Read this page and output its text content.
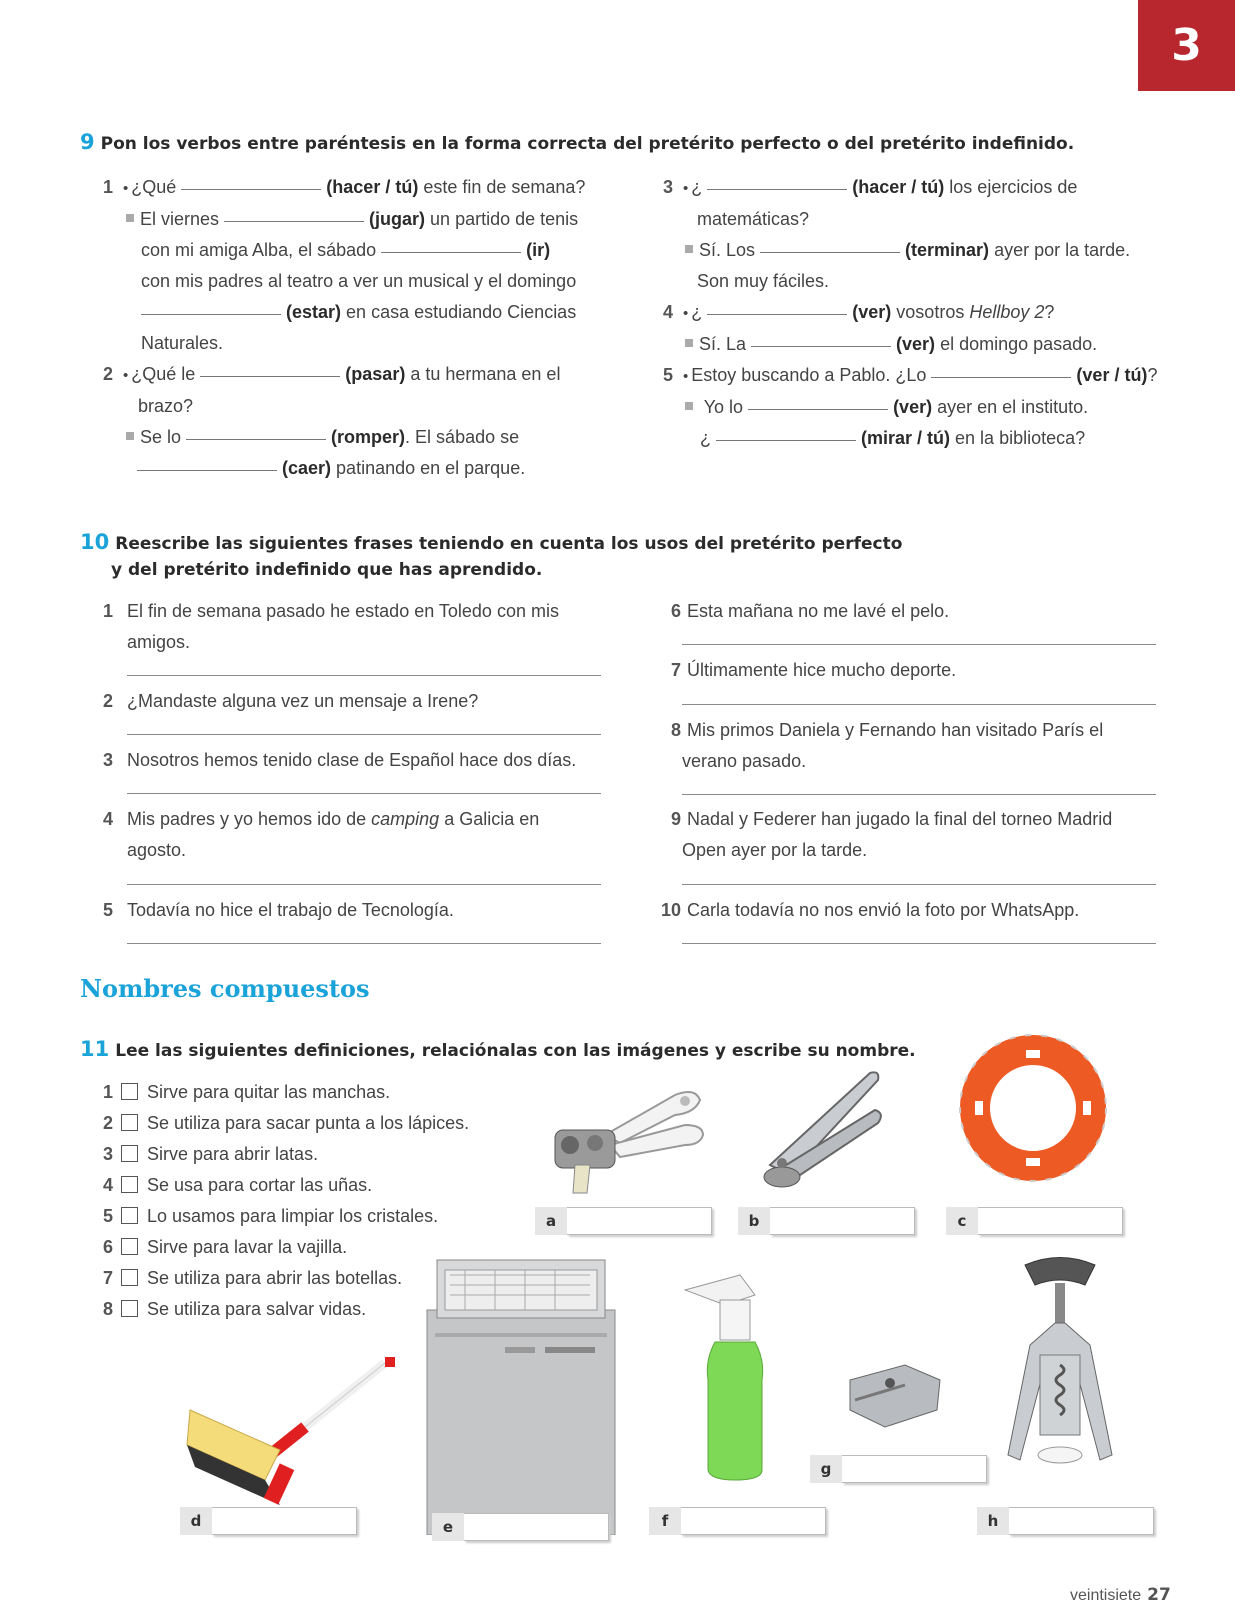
3
9 Pon los verbos entre paréntesis en la forma correcta del pretérito perfecto o del pretérito indefinido.
1 • ¿Qué	(hacer / tú) este fin de semana?
El viernes	(jugar) un partido de tenis
con mi amiga Alba, el sábado	(ir)
con mis padres al teatro a ver un musical y el domingo
(estar) en casa estudiando Ciencias
Naturales.
2 • ¿Qué le	(pasar) a tu hermana en el
brazo?
Se lo	(romper). El sábado se
(caer) patinando en el parque.
3 • ¿	(hacer / tú) los ejercicios de
matemáticas?
Sí. Los	(terminar) ayer por la tarde.
Son muy fáciles.
4 • ¿	(ver) vosotros Hellboy 2?
Sí. La	(ver) el domingo pasado.
5 • Estoy buscando a Pablo. ¿Lo	(ver / tú)?
Yo lo	(ver) ayer en el instituto.
¿	(mirar / tú) en la biblioteca?
10 Reescribe las siguientes frases teniendo en cuenta los usos del pretérito perfecto
y del pretérito indefinido que has aprendido.
1 El fin de semana pasado he estado en Toledo con mis
amigos.
2 ¿Mandaste alguna vez un mensaje a Irene?
3 Nosotros hemos tenido clase de Español hace dos días.
4 Mis padres y yo hemos ido de camping a Galicia en
agosto.
5 Todavía no hice el trabajo de Tecnología.
6 Esta mañana no me lavé el pelo.
7 Últimamente hice mucho deporte.
8 Mis primos Daniela y Fernando han visitado París el
verano pasado.
9 Nadal y Federer han jugado la final del torneo Madrid
Open ayer por la tarde.
10 Carla todavía no nos envió la foto por WhatsApp.
Nombres compuestos
11 Lee las siguientes definiciones, relaciónalas con las imágenes y escribe su nombre.
1 Sirve para quitar las manchas.
2 Se utiliza para sacar punta a los lápices.
3 Sirve para abrir latas.
4 Se usa para cortar las uñas.
5 Lo usamos para limpiar los cristales.
6 Sirve para lavar la vajilla.
7 Se utiliza para abrir las botellas.
8 Se utiliza para salvar vidas.
a	b	c
d	e	f
g
h
veintisiete 27
